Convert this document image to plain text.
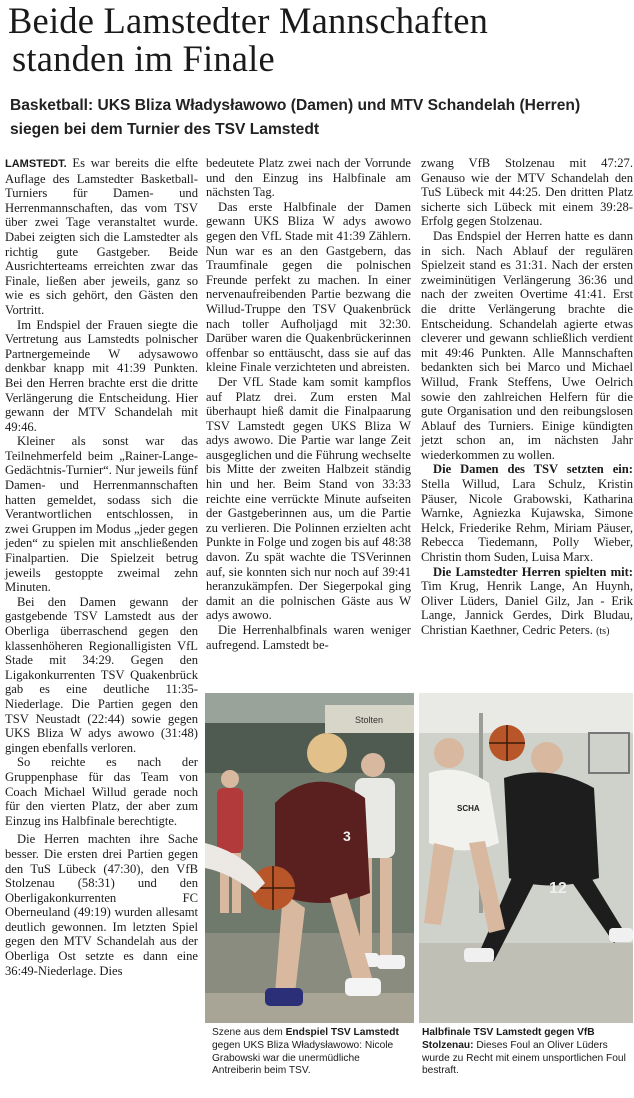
Beide Lamstedter Mannschaften
standen im Finale
Basketball: UKS Bliza Władysławowo (Damen) und MTV Schandelah (Herren)
siegen bei dem Turnier des TSV Lamstedt

LAMSTEDT. Es war bereits die elfte Auflage des Lamstedter Basketball-Turniers für Damen- und Herrenmannschaften, das vom TSV über zwei Tage veranstaltet wurde. Dabei zeigten sich die Lamstedter als richtig gute Gastgeber. Beide Ausrichterteams erreichten zwar das Finale, ließen aber jeweils, ganz so wie es sich gehört, den Gästen den Vortritt.

Im Endspiel der Frauen siegte die Vertretung aus Lamstedts polnischer Partnergemeinde W adysawowo denkbar knapp mit 41:39 Punkten. Bei den Herren brachte erst die dritte Verlängerung die Entscheidung. Hier gewann der MTV Schandelah mit 49:46.

Kleiner als sonst war das Teilnehmerfeld beim „Rainer-Lange-Gedächtnis-Turnier“. Nur jeweils fünf Damen- und Herrenmannschaften hatten gemeldet, sodass sich die Verantwortlichen entschlossen, in zwei Gruppen im Modus „jeder gegen jeden“ zu spielen mit anschließenden Finalpartien. Die Spielzeit betrug jeweils gestoppte zweimal zehn Minuten.

Bei den Damen gewann der gastgebende TSV Lamstedt aus der Oberliga überraschend gegen den klassenhöheren Regionalligisten VfL Stade mit 34:29. Gegen den Ligakonkurrenten TSV Quakenbrück gab es eine deutliche 11:35-Niederlage. Die Partien gegen den TSV Neustadt (22:44) sowie gegen UKS Bliza W adys awowo (31:48) gingen ebenfalls verloren.

So reichte es nach der Gruppenphase für das Team von Coach Michael Willud gerade noch für den vierten Platz, der aber zum Einzug ins Halbfinale berechtigte.

Die Herren machten ihre Sache besser. Die ersten drei Partien gegen den TuS Lübeck (47:30), den VfB Stolzenau (58:31) und den Oberligakonkurrenten FC Oberneuland (49:19) wurden allesamt deutlich gewonnen. Im letzten Spiel gegen den MTV Schandelah aus der Oberliga Ost setzte es dann eine 36:49-Niederlage. Dies

bedeutete Platz zwei nach der Vorrunde und den Einzug ins Halbfinale am nächsten Tag.

Das erste Halbfinale der Damen gewann UKS Bliza W adys awowo gegen den VfL Stade mit 41:39 Zählern. Nun war es an den Gastgebern, das Traumfinale gegen die polnischen Freunde perfekt zu machen. In einer nervenaufreibenden Partie bezwang die Willud-Truppe den TSV Quakenbrück nach toller Aufholjagd mit 32:30. Darüber waren die Quakenbrückerinnen offenbar so enttäuscht, dass sie auf das kleine Finale verzichteten und abreisten.

Der VfL Stade kam somit kampflos auf Platz drei. Zum ersten Mal überhaupt hieß damit die Finalpaarung TSV Lamstedt gegen UKS Bliza W adys awowo. Die Partie war lange Zeit ausgeglichen und die Führung wechselte bis Mitte der zweiten Halbzeit ständig hin und her. Beim Stand von 33:33 reichte eine verrückte Minute aufseiten der Gastgeberinnen aus, um die Partie zu verlieren. Die Polinnen erzielten acht Punkte in Folge und zogen bis auf 48:38 davon. Zu spät wachte die TSVerinnen auf, sie konnten sich nur noch auf 39:41 heranzukämpfen. Der Siegerpokal ging damit an die polnischen Gäste aus W adys awowo.

Die Herrenhalbfinals waren weniger aufregend. Lamstedt be-

zwang VfB Stolzenau mit 47:27. Genauso wie der MTV Schandelah den TuS Lübeck mit 44:25. Den dritten Platz sicherte sich Lübeck mit einem 39:28-Erfolg gegen Stolzenau.

Das Endspiel der Herren hatte es dann in sich. Nach Ablauf der regulären Spielzeit stand es 31:31. Nach der ersten zweiminütigen Verlängerung 36:36 und nach der zweiten Overtime 41:41. Erst die dritte Verlängerung brachte die Entscheidung. Schandelah agierte etwas cleverer und gewann schließlich verdient mit 49:46 Punkten. Alle Mannschaften bedankten sich bei Marco und Michael Willud, Frank Steffens, Uwe Oelrich sowie den zahlreichen Helfern für die gute Organisation und den reibungslosen Ablauf des Turniers. Einige kündigten jetzt schon an, im nächsten Jahr wiederkommen zu wollen.

Die Damen des TSV setzten ein: Stella Willud, Lara Schulz, Kristin Päuser, Nicole Grabowski, Katharina Warnke, Agniezka Kujawska, Simone Helck, Friederike Rehm, Miriam Päuser, Rebecca Tiedemann, Polly Wieber, Christin thom Suden, Luisa Marx.

Die Lamstedter Herren spielten mit: Tim Krug, Henrik Lange, An Huynh, Oliver Lüders, Daniel Gilz, Jan - Erik Lange, Jannick Gerdes, Dirk Bludau, Christian Kaethner, Cedric Peters. (ts)

Stolten
3
12
SCHA

Szene aus dem Endspiel TSV Lamstedt gegen UKS Bliza Władysławowo: Nicole Grabowski war die unermüdliche Antreiberin beim TSV.

Halbfinale TSV Lamstedt gegen VfB Stolzenau: Dieses Foul an Oliver Lüders wurde zu Recht mit einem unsportlichen Foul bestraft.
